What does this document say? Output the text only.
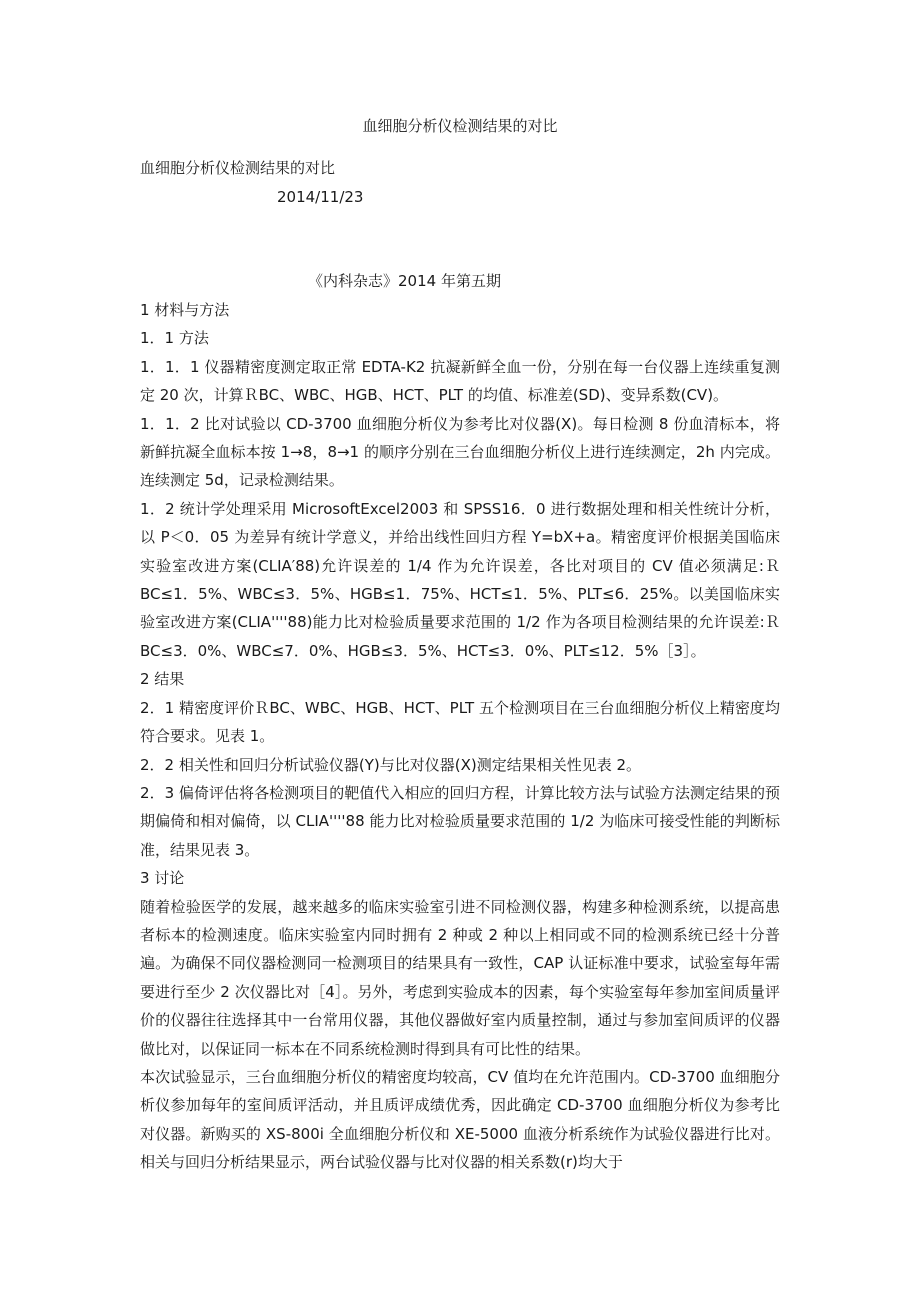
血细胞分析仪检测结果的对比
血细胞分析仪检测结果的对比
2014/11/23
《内科杂志》2014 年第五期

1 材料与方法

1．1 方法

1．1．1 仪器精密度测定取正常 EDTA-K2 抗凝新鲜全血一份，分别在每一台仪器上连续重复测定 20 次，计算ＲBC、WBC、HGB、HCT、PLT 的均值、标准差(SD)、变异系数(CV)。

1．1．2 比对试验以 CD-3700 血细胞分析仪为参考比对仪器(X)。每日检测 8 份血清标本，将新鲜抗凝全血标本按 1→8，8→1 的顺序分别在三台血细胞分析仪上进行连续测定，2h 内完成。连续测定 5d，记录检测结果。

1．2 统计学处理采用 MicrosoftExcel2003 和 SPSS16．0 进行数据处理和相关性统计分析，以 P＜0．05 为差异有统计学意义，并给出线性回归方程 Y=bX+a。精密度评价根据美国临床实验室改进方案(CLIA′88)允许误差的 1/4 作为允许误差，各比对项目的 CV 值必须满足:ＲBC≤1．5%、WBC≤3．5%、HGB≤1．75%、HCT≤1．5%、PLT≤6．25%。以美国临床实验室改进方案(CLIA''''88)能力比对检验质量要求范围的 1/2 作为各项目检测结果的允许误差:ＲBC≤3．0%、WBC≤7．0%、HGB≤3．5%、HCT≤3．0%、PLT≤12．5%［3］。

2 结果

2．1 精密度评价ＲBC、WBC、HGB、HCT、PLT 五个检测项目在三台血细胞分析仪上精密度均符合要求。见表 1。

2．2 相关性和回归分析试验仪器(Y)与比对仪器(X)测定结果相关性见表 2。

2．3 偏倚评估将各检测项目的靶值代入相应的回归方程，计算比较方法与试验方法测定结果的预期偏倚和相对偏倚，以 CLIA''''88 能力比对检验质量要求范围的 1/2 为临床可接受性能的判断标准，结果见表 3。

3 讨论

随着检验医学的发展，越来越多的临床实验室引进不同检测仪器，构建多种检测系统，以提高患者标本的检测速度。临床实验室内同时拥有 2 种或 2 种以上相同或不同的检测系统已经十分普遍。为确保不同仪器检测同一检测项目的结果具有一致性，CAP 认证标准中要求，试验室每年需要进行至少 2 次仪器比对［4］。另外，考虑到实验成本的因素，每个实验室每年参加室间质量评价的仪器往往选择其中一台常用仪器，其他仪器做好室内质量控制，通过与参加室间质评的仪器做比对，以保证同一标本在不同系统检测时得到具有可比性的结果。

本次试验显示，三台血细胞分析仪的精密度均较高，CV 值均在允许范围内。CD-3700 血细胞分析仪参加每年的室间质评活动，并且质评成绩优秀，因此确定 CD-3700 血细胞分析仪为参考比对仪器。新购买的 XS-800i 全血细胞分析仪和 XE-5000 血液分析系统作为试验仪器进行比对。相关与回归分析结果显示，两台试验仪器与比对仪器的相关系数(r)均大于
